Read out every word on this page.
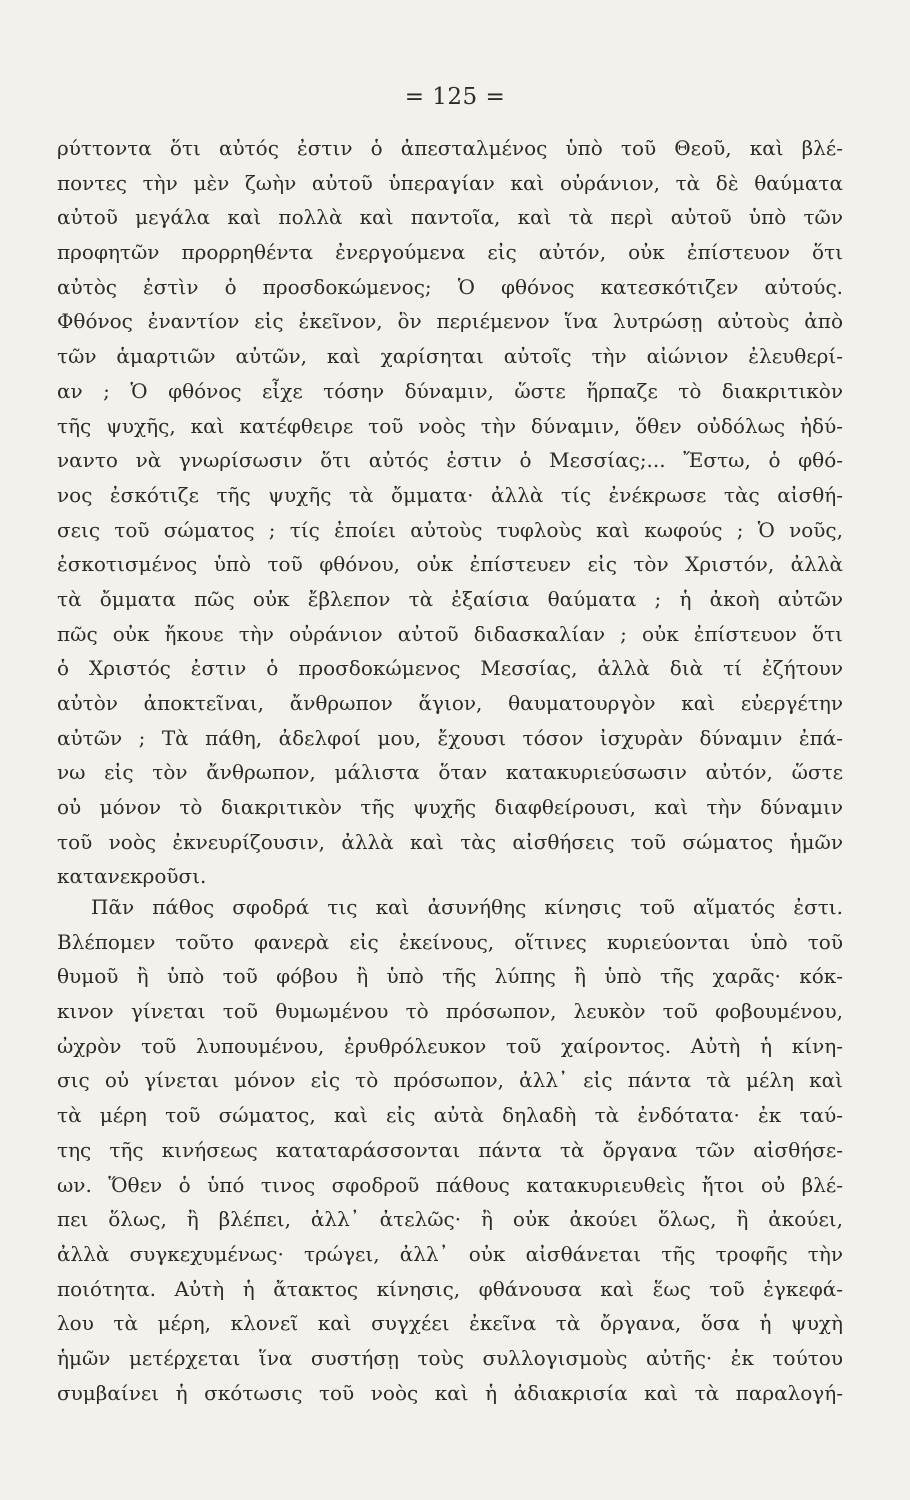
= 125 =
ρύττοντα ὅτι αὐτός ἐστιν ὁ ἀπεσταλμένος ὑπὸ τοῦ Θεοῦ, καὶ βλέ-
ποντες τὴν μὲν ζωὴν αὐτοῦ ὑπεραγίαν καὶ οὐράνιον, τὰ δὲ θαύματα
αὐτοῦ μεγάλα καὶ πολλὰ καὶ παντοῖα, καὶ τὰ περὶ αὐτοῦ ὑπὸ τῶν
προφητῶν προρρηθέντα ἐνεργούμενα εἰς αὐτόν, οὐκ ἐπίστευον ὅτι
αὐτὸς ἐστὶν ὁ προσδοκώμενος; Ὁ φθόνος κατεσκότιζεν αὐτούς.
Φθόνος ἐναντίον εἰς ἐκεῖνον, ὃν περιέμενον ἵνα λυτρώσῃ αὐτοὺς ἀπὸ
τῶν ἁμαρτιῶν αὐτῶν, καὶ χαρίσηται αὐτοῖς τὴν αἰώνιον ἐλευθερί-
αν ; Ὁ φθόνος εἶχε τόσην δύναμιν, ὥστε ἥρπαζε τὸ διακριτικὸν
τῆς ψυχῆς, καὶ κατέφθειρε τοῦ νοὸς τὴν δύναμιν, ὅθεν οὐδόλως ἠδύ-
ναντο νὰ γνωρίσωσιν ὅτι αὐτός ἐστιν ὁ Μεσσίας;... Ἔστω, ὁ φθό-
νος ἐσκότιζε τῆς ψυχῆς τὰ ὄμματα· ἀλλὰ τίς ἐνέκρωσε τὰς αἰσθή-
σεις τοῦ σώματος ; τίς ἐποίει αὐτοὺς τυφλοὺς καὶ κωφούς ; Ὁ νοῦς,
ἐσκοτισμένος ὑπὸ τοῦ φθόνου, οὐκ ἐπίστευεν εἰς τὸν Χριστόν, ἀλλὰ
τὰ ὄμματα πῶς οὐκ ἔβλεπον τὰ ἐξαίσια θαύματα ; ἡ ἀκοὴ αὐτῶν
πῶς οὐκ ἤκουε τὴν οὐράνιον αὐτοῦ διδασκαλίαν ; οὐκ ἐπίστευον ὅτι
ὁ Χριστός ἐστιν ὁ προσδοκώμενος Μεσσίας, ἀλλὰ διὰ τί ἐζήτουν
αὐτὸν ἀποκτεῖναι, ἄνθρωπον ἅγιον, θαυματουργὸν καὶ εὐεργέτην
αὐτῶν ; Τὰ πάθη, ἀδελφοί μου, ἔχουσι τόσον ἰσχυρὰν δύναμιν ἐπά-
νω εἰς τὸν ἄνθρωπον, μάλιστα ὅταν κατακυριεύσωσιν αὐτόν, ὥστε
οὐ μόνον τὸ διακριτικὸν τῆς ψυχῆς διαφθείρουσι, καὶ τὴν δύναμιν
τοῦ νοὸς ἐκνευρίζουσιν, ἀλλὰ καὶ τὰς αἰσθήσεις τοῦ σώματος ἡμῶν
κατανεκροῦσι.
Πᾶν πάθος σφοδρά τις καὶ ἀσυνήθης κίνησις τοῦ αἵματός ἐστι.
Βλέπομεν τοῦτο φανερὰ εἰς ἐκείνους, οἵτινες κυριεύονται ὑπὸ τοῦ
θυμοῦ ἢ ὑπὸ τοῦ φόβου ἢ ὑπὸ τῆς λύπης ἢ ὑπὸ τῆς χαρᾶς· κόκ-
κινον γίνεται τοῦ θυμωμένου τὸ πρόσωπον, λευκὸν τοῦ φοβουμένου,
ὠχρὸν τοῦ λυπουμένου, ἐρυθρόλευκον τοῦ χαίροντος. Αὐτὴ ἡ κίνη-
σις οὐ γίνεται μόνον εἰς τὸ πρόσωπον, ἀλλ᾽ εἰς πάντα τὰ μέλη καὶ
τὰ μέρη τοῦ σώματος, καὶ εἰς αὐτὰ δηλαδὴ τὰ ἐνδότατα· ἐκ ταύ-
της τῆς κινήσεως καταταράσσονται πάντα τὰ ὄργανα τῶν αἰσθήσε-
ων. Ὅθεν ὁ ὑπό τινος σφοδροῦ πάθους κατακυριευθεὶς ἤτοι οὐ βλέ-
πει ὅλως, ἢ βλέπει, ἀλλ᾽ ἀτελῶς· ἢ οὐκ ἀκούει ὅλως, ἢ ἀκούει,
ἀλλὰ συγκεχυμένως· τρώγει, ἀλλ᾽ οὐκ αἰσθάνεται τῆς τροφῆς τὴν
ποιότητα. Αὐτὴ ἡ ἄτακτος κίνησις, φθάνουσα καὶ ἕως τοῦ ἐγκεφά-
λου τὰ μέρη, κλονεῖ καὶ συγχέει ἐκεῖνα τὰ ὄργανα, ὅσα ἡ ψυχὴ
ἡμῶν μετέρχεται ἵνα συστήσῃ τοὺς συλλογισμοὺς αὐτῆς· ἐκ τούτου
συμβαίνει ἡ σκότωσις τοῦ νοὸς καὶ ἡ ἀδιακρισία καὶ τὰ παραλογή-
